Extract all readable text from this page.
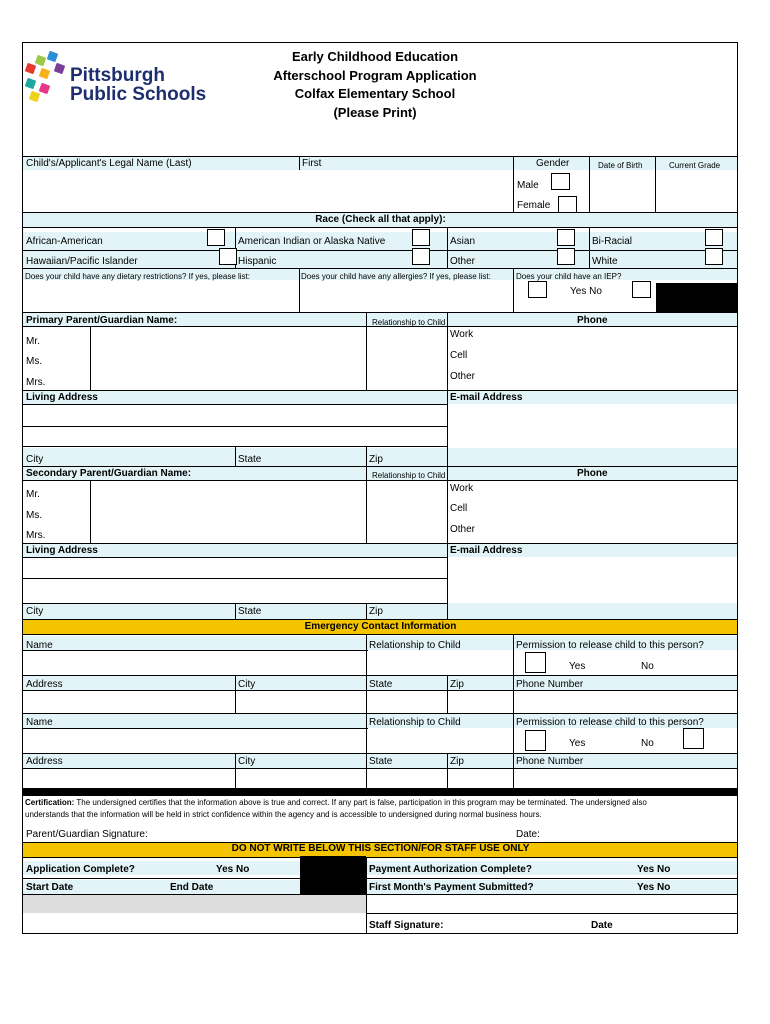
Pittsburgh
Public Schools
Early Childhood Education
Afterschool Program Application
Colfax Elementary School
(Please Print)
Child's/Applicant's Legal Name (Last)	First	Gender	Date of Birth	Current Grade
Male
Female
Race (Check all that apply):
African-American	American Indian or Alaska Native	Asian	Bi-Racial
Hawaiian/Pacific Islander	Hispanic	Other	White
Does your child have any dietary restrictions? If yes, please list:	Does your child have any allergies? If yes, please list:	Does your child have an IEP?
Yes No
Primary Parent/Guardian Name:	Relationship to Child	Phone
Mr.
Ms.
Mrs.
Work
Cell
Other
Living Address	E-mail Address
City	State	Zip
Secondary Parent/Guardian Name:	Relationship to Child	Phone
Mr.
Ms.
Mrs.
Work
Cell
Other
Living Address	E-mail Address
City	State	Zip
Emergency Contact Information
Name	Relationship to Child	Permission to release child to this person?
Yes	No
Address	City	State	Zip	Phone Number
Name	Relationship to Child	Permission to release child to this person?
Yes	No
Address	City	State	Zip	Phone Number
Certification: The undersigned certifies that the information above is true and correct. If any part is false, participation in this program may be terminated. The undersigned also
understands that the information will be held in strict confidence within the agency and is accessible to undersigned during normal business hours.
Parent/Guardian Signature:	Date:
DO NOT WRITE BELOW THIS SECTION/FOR STAFF USE ONLY
Application Complete?	Yes No	Payment Authorization Complete?	Yes No
Start Date	End Date	First Month's Payment Submitted?	Yes No
Staff Signature:	Date
